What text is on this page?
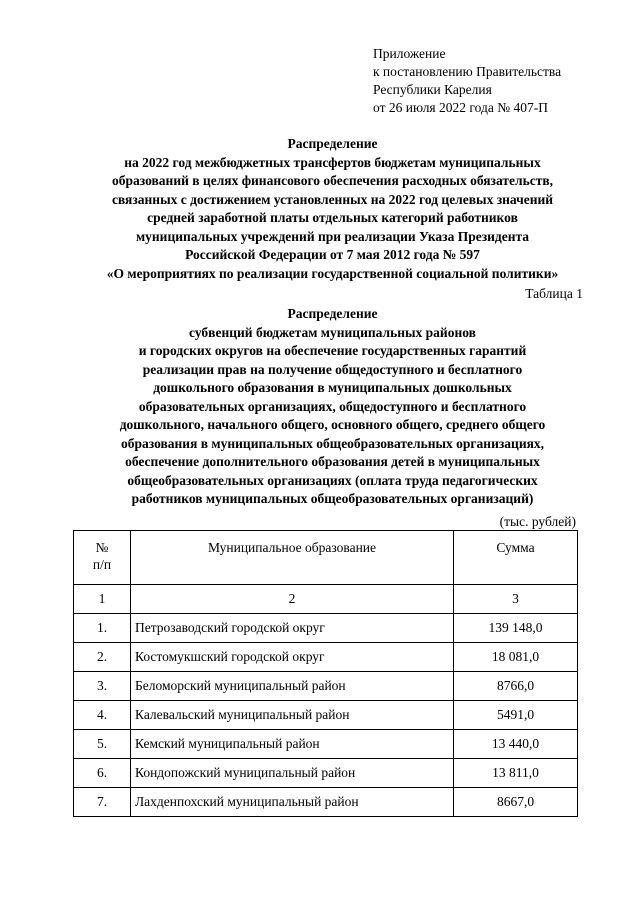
Приложение
к постановлению Правительства
Республики Карелия
от 26 июля 2022 года № 407-П
Распределение
на 2022 год межбюджетных трансфертов бюджетам муниципальных
образований в целях финансового обеспечения расходных обязательств,
связанных с достижением установленных на 2022 год целевых значений
средней заработной платы отдельных категорий работников
муниципальных учреждений при реализации Указа Президента
Российской Федерации от 7 мая 2012 года № 597
«О мероприятиях по реализации государственной социальной политики»
Таблица 1
Распределение
субвенций бюджетам муниципальных районов
и городских округов на обеспечение государственных гарантий
реализации прав на получение общедоступного и бесплатного
дошкольного образования в муниципальных дошкольных
образовательных организациях, общедоступного и бесплатного
дошкольного, начального общего, основного общего, среднего общего
образования в муниципальных общеобразовательных организациях,
обеспечение дополнительного образования детей в муниципальных
общеобразовательных организациях (оплата труда педагогических
работников муниципальных общеобразовательных организаций)
(тыс. рублей)
№
п/п	Муниципальное образование	Сумма
1	2	3
1.	Петрозаводский городской округ	139 148,0
2.	Костомукшский городской округ	18 081,0
3.	Беломорский муниципальный район	8766,0
4.	Калевальский муниципальный район	5491,0
5.	Кемский муниципальный район	13 440,0
6.	Кондопожский муниципальный район	13 811,0
7.	Лахденпохский муниципальный район	8667,0
